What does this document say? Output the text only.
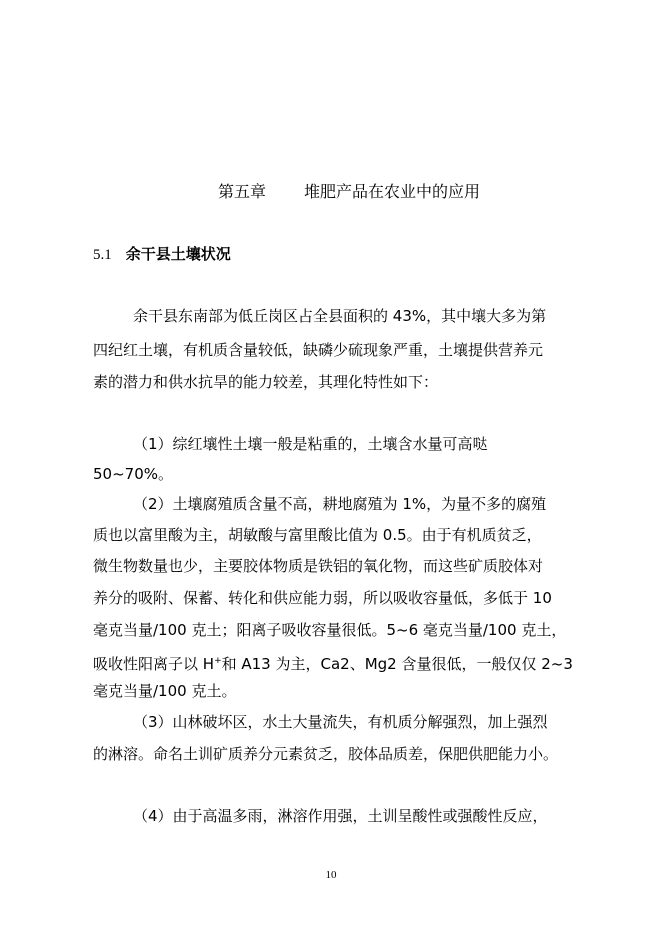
第五章 堆肥产品在农业中的应用
5.1 余干县土壤状况
余干县东南部为低丘岗区占全县面积的 43%，其中壤大多为第
四纪红土壤，有机质含量较低，缺磷少硫现象严重，土壤提供营养元
素的潜力和供水抗旱的能力较差，其理化特性如下：
（1）综红壤性土壤一般是粘重的，土壤含水量可高哒
50~70%。
（2）土壤腐殖质含量不高，耕地腐殖为 1%，为量不多的腐殖
质也以富里酸为主，胡敏酸与富里酸比值为 0.5。由于有机质贫乏，
微生物数量也少，主要胶体物质是铁铝的氧化物，而这些矿质胶体对
养分的吸附、保蓄、转化和供应能力弱，所以吸收容量低，多低于 10
毫克当量/100 克土；阳离子吸收容量很低。5~6 毫克当量/100 克土，
吸收性阳离子以 H+和 A13 为主，Ca2、Mg2 含量很低，一般仅仅 2~3
毫克当量/100 克土。
（3）山林破坏区，水土大量流失，有机质分解强烈，加上强烈
的淋溶。命名土训矿质养分元素贫乏，胶体品质差，保肥供肥能力小。
（4）由于高温多雨，淋溶作用强，土训呈酸性或强酸性反应，
10
